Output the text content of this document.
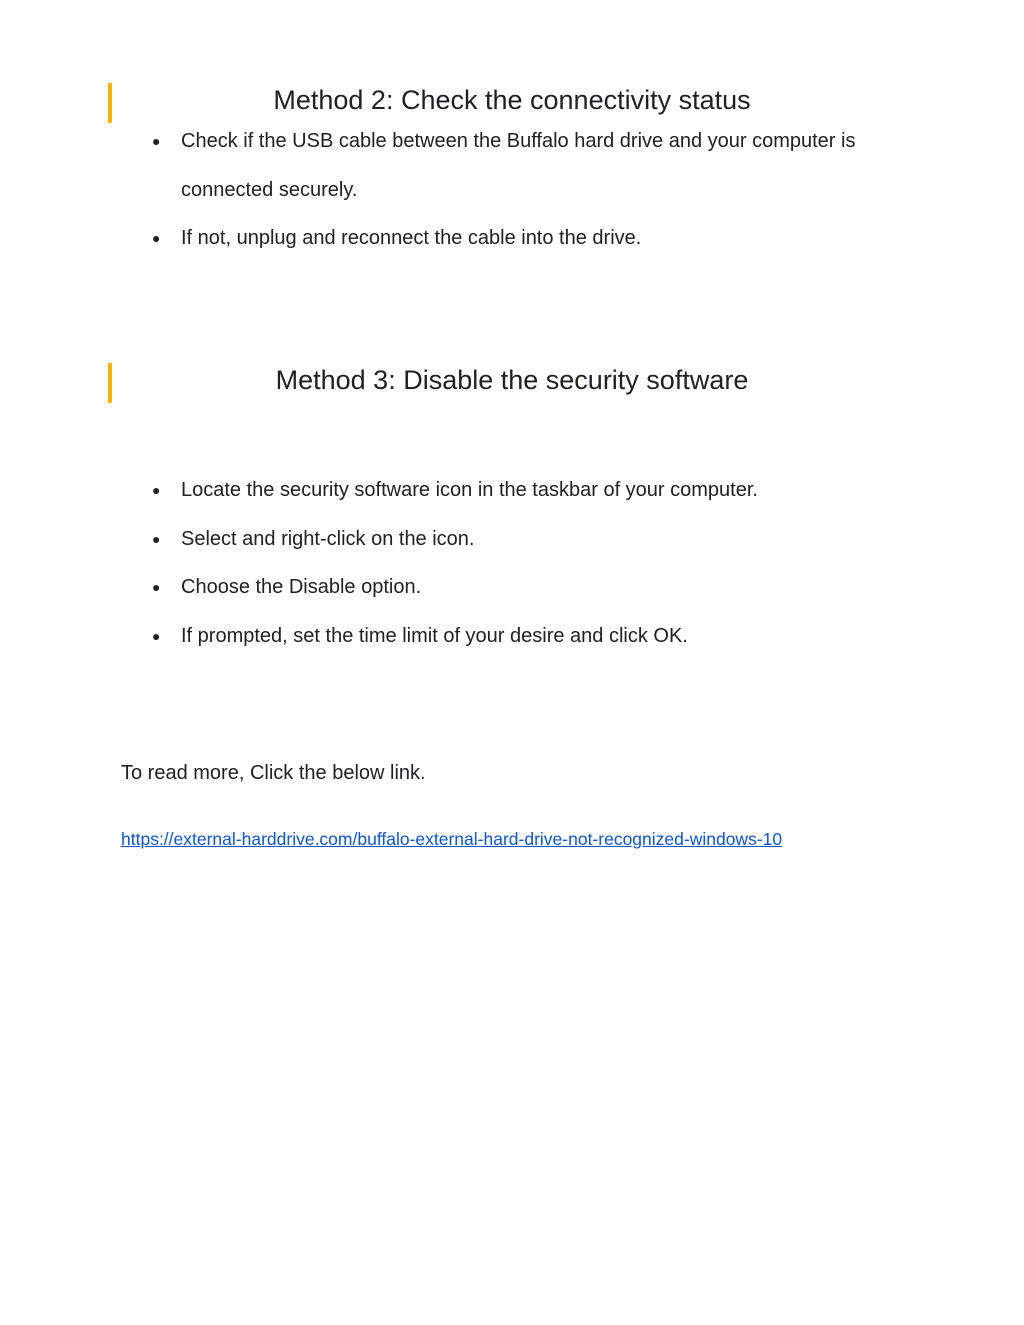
Method 2: Check the connectivity status
● Check if the USB cable between the Buffalo hard drive and your computer is connected securely.
● If not, unplug and reconnect the cable into the drive.
Method 3: Disable the security software
● Locate the security software icon in the taskbar of your computer.
● Select and right-click on the icon.
● Choose the Disable option.
● If prompted, set the time limit of your desire and click OK.

To read more, Click the below link.

https://external-harddrive.com/buffalo-external-hard-drive-not-recognized-windows-10
